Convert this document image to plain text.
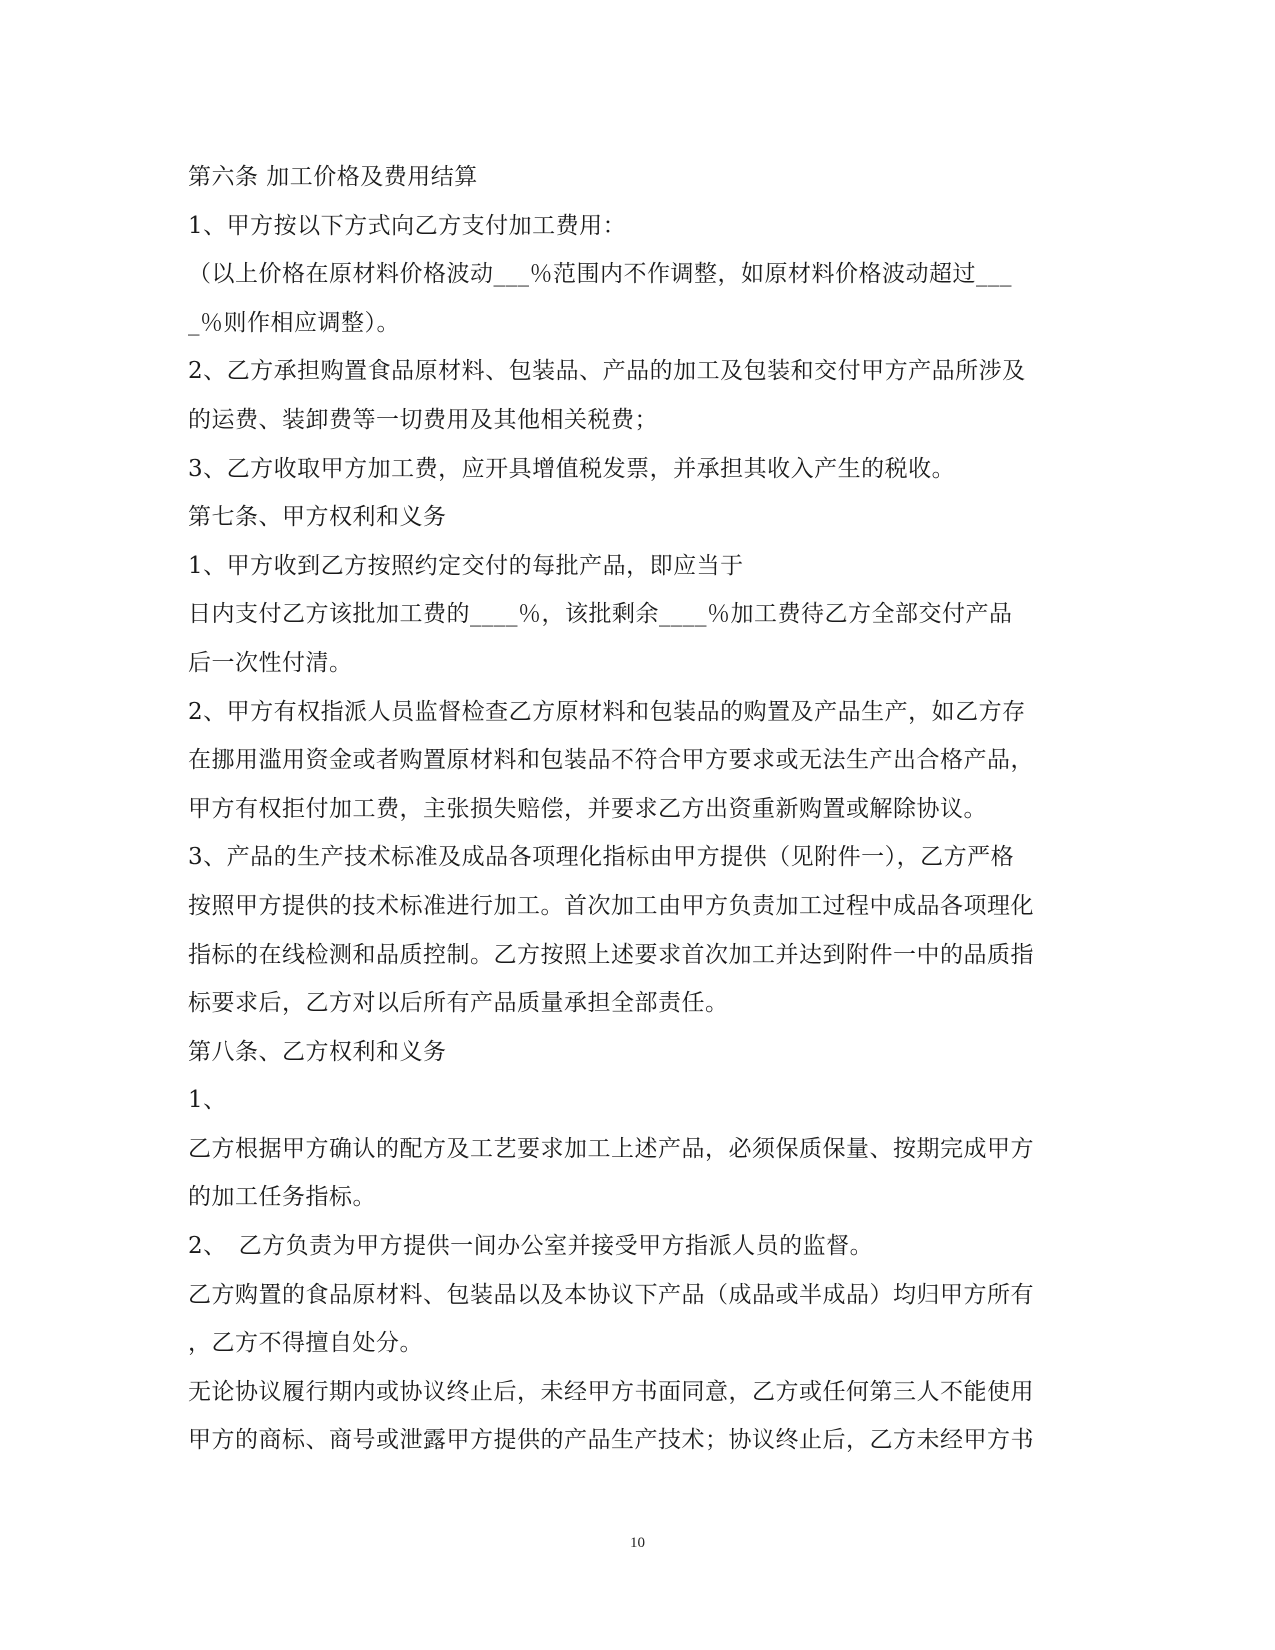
第六条 加工价格及费用结算
1、甲方按以下方式向乙方支付加工费用：
（以上价格在原材料价格波动___％范围内不作调整，如原材料价格波动超过___
_％则作相应调整）。
2、乙方承担购置食品原材料、包装品、产品的加工及包装和交付甲方产品所涉及
的运费、装卸费等一切费用及其他相关税费；
3、乙方收取甲方加工费，应开具增值税发票，并承担其收入产生的税收。
第七条、甲方权利和义务
1、甲方收到乙方按照约定交付的每批产品，即应当于
日内支付乙方该批加工费的____％，该批剩余____％加工费待乙方全部交付产品
后一次性付清。
2、甲方有权指派人员监督检查乙方原材料和包装品的购置及产品生产，如乙方存
在挪用滥用资金或者购置原材料和包装品不符合甲方要求或无法生产出合格产品，
甲方有权拒付加工费，主张损失赔偿，并要求乙方出资重新购置或解除协议。
3、产品的生产技术标准及成品各项理化指标由甲方提供（见附件一），乙方严格
按照甲方提供的技术标准进行加工。首次加工由甲方负责加工过程中成品各项理化
指标的在线检测和品质控制。乙方按照上述要求首次加工并达到附件一中的品质指
标要求后，乙方对以后所有产品质量承担全部责任。
第八条、乙方权利和义务
1、
乙方根据甲方确认的配方及工艺要求加工上述产品，必须保质保量、按期完成甲方
的加工任务指标。
2、　乙方负责为甲方提供一间办公室并接受甲方指派人员的监督。
乙方购置的食品原材料、包装品以及本协议下产品（成品或半成品）均归甲方所有
，乙方不得擅自处分。
无论协议履行期内或协议终止后，未经甲方书面同意，乙方或任何第三人不能使用
甲方的商标、商号或泄露甲方提供的产品生产技术；协议终止后，乙方未经甲方书
10
